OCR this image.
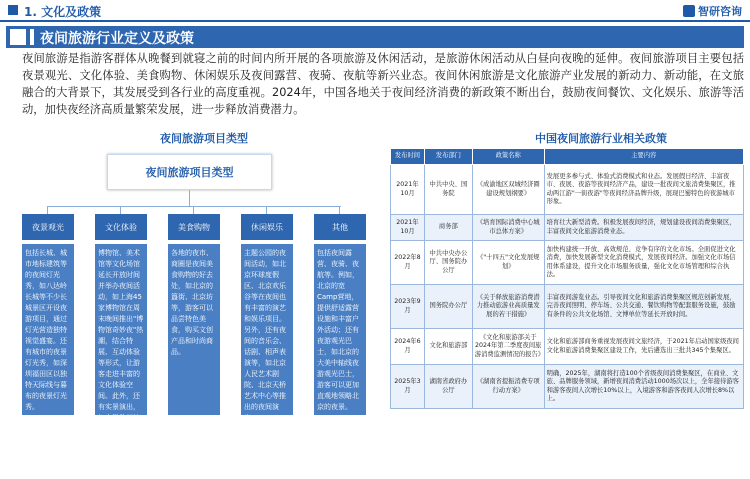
1. 文化及政策	智研咨询
夜间旅游行业定义及政策
夜间旅游是指游客群体从晚餐到就寝之前的时间内所开展的各项旅游及休闲活动，是旅游休闲活动从白昼向夜晚的延伸。夜间旅游项目主要包括夜景观光、文化体验、美食购物、休闲娱乐及夜间露营、夜骑、夜航等新兴业态。夜间休闲旅游是文化旅游产业发展的新动力、新动能，在文旅融合的大背景下，其发展受到各行业的高度重视。2024年，中国各地关于夜间经济消费的新政策不断出台，鼓励夜间餐饮、文化娱乐、旅游等活动，加快夜经济高质量繁荣发展，进一步释放消费潜力。
夜间旅游项目类型	中国夜间旅游行业相关政策
夜间旅游项目类型
夜景观光
包括长城、城市地标建筑等的夜间灯光秀，如八达岭长城等不少长城景区开设夜游项目，通过灯光营造独特视觉盛宴。还有城市的夜景灯光秀，如深圳福田区以独特天际线与暮布的夜景灯光秀。
文化体验
博物馆、美术馆等文化场馆延长开放时间并举办夜间活动，如上海45家博物馆在周末晚间推出"博物馆奇妙夜"热潮，结合特展、互动体验等形式，让游客走进丰富的文化体验空间。此外，还有实景演出，如安徽歙州的《歙州有夜》，河南洛阳的《梦长安——大唐迎宾盛礼》等。
美食购物
各地的夜市、商圈是夜间美食购物的好去处，如北京的簋街、北京坊等，游客可以品尝特色美食，购买文创产品和时尚商品。
休闲娱乐
主题公园的夜间活动，如北京环球度假区、北京欢乐谷等在夜间也有丰富的演艺和娱乐项目。另外，还有夜间的音乐会、话剧、相声表演等，如北京人民艺术剧院、北京天桥艺术中心等推出的夜间演出。
其他
包括夜间露营、夜骑、夜航等。例如，北京的宽Camp营地，提供舒适露营设施和丰富户外活动；还有夜游观光巴士，如北京的大美中轴线夜游观光巴士，游客可以更加直观地领略北京的夜景。
发布时间	发布部门	政策名称	主要内容
2021年10月	中共中央、国务院	《成渝地区双城经济圈建设规划纲要》	发展更多参与式、体验式消费模式和业态。发展假日经济、丰富夜市、夜展、夜游等夜间经济产品，建设一批夜间文旅消费集聚区，推动两江游"一街夜游"等夜间经济品牌升级，展现巴蜀特色的夜游城市形象。
2021年10月	商务部	《培育国际消费中心城市总体方案》	培育壮大新型消费。积极发展夜间经济，规划建设夜间消费集聚区，丰富夜间文化旅游消费业态。
2022年8月	中共中央办公厅、国务院办公厅	《"十四五"文化发展规划》	加快构建统一开放、高效规范、竞争有序的文化市场。全面促进文化消费，加快发展新型文化消费模式，发展夜间经济。加强文化市场信用体系建设，提升文化市场服务质量，强化文化市场管理和综合执法。
2023年9月	国务院办公厅	《关于释放旅游消费潜力推动旅游业高质量发展的若干措施》	丰富夜间游览业态。引导夜间文化和旅游消费集聚区规范创新发展，完善夜间照明、停车场、公共交通、餐饮购物等配套服务设施，鼓励有条件的公共文化场馆、文博单位等延长开放时间。
2024年6月	文化和旅游部	《文化和旅游部关于2024年第二季度夜间旅游消费监测情况的报告》	文化和旅游部商务重视发展夜间文旅经济，于2021年启动国家级夜间文化和旅游消费集聚区建设工作，先后遴选出三批共345个集聚区。
2025年3月	湖南省政府办公厅	《湖南省提振消费专项行动方案》	明确，2025年，湖南将打造100个省级夜间消费集聚区，在商业、文旅、品牌服务领域，新增夜间消费活动1000场次以上，全年接待游客和游客夜间人次增长10%以上，入境游客和游客夜间人次增长8%以上。
